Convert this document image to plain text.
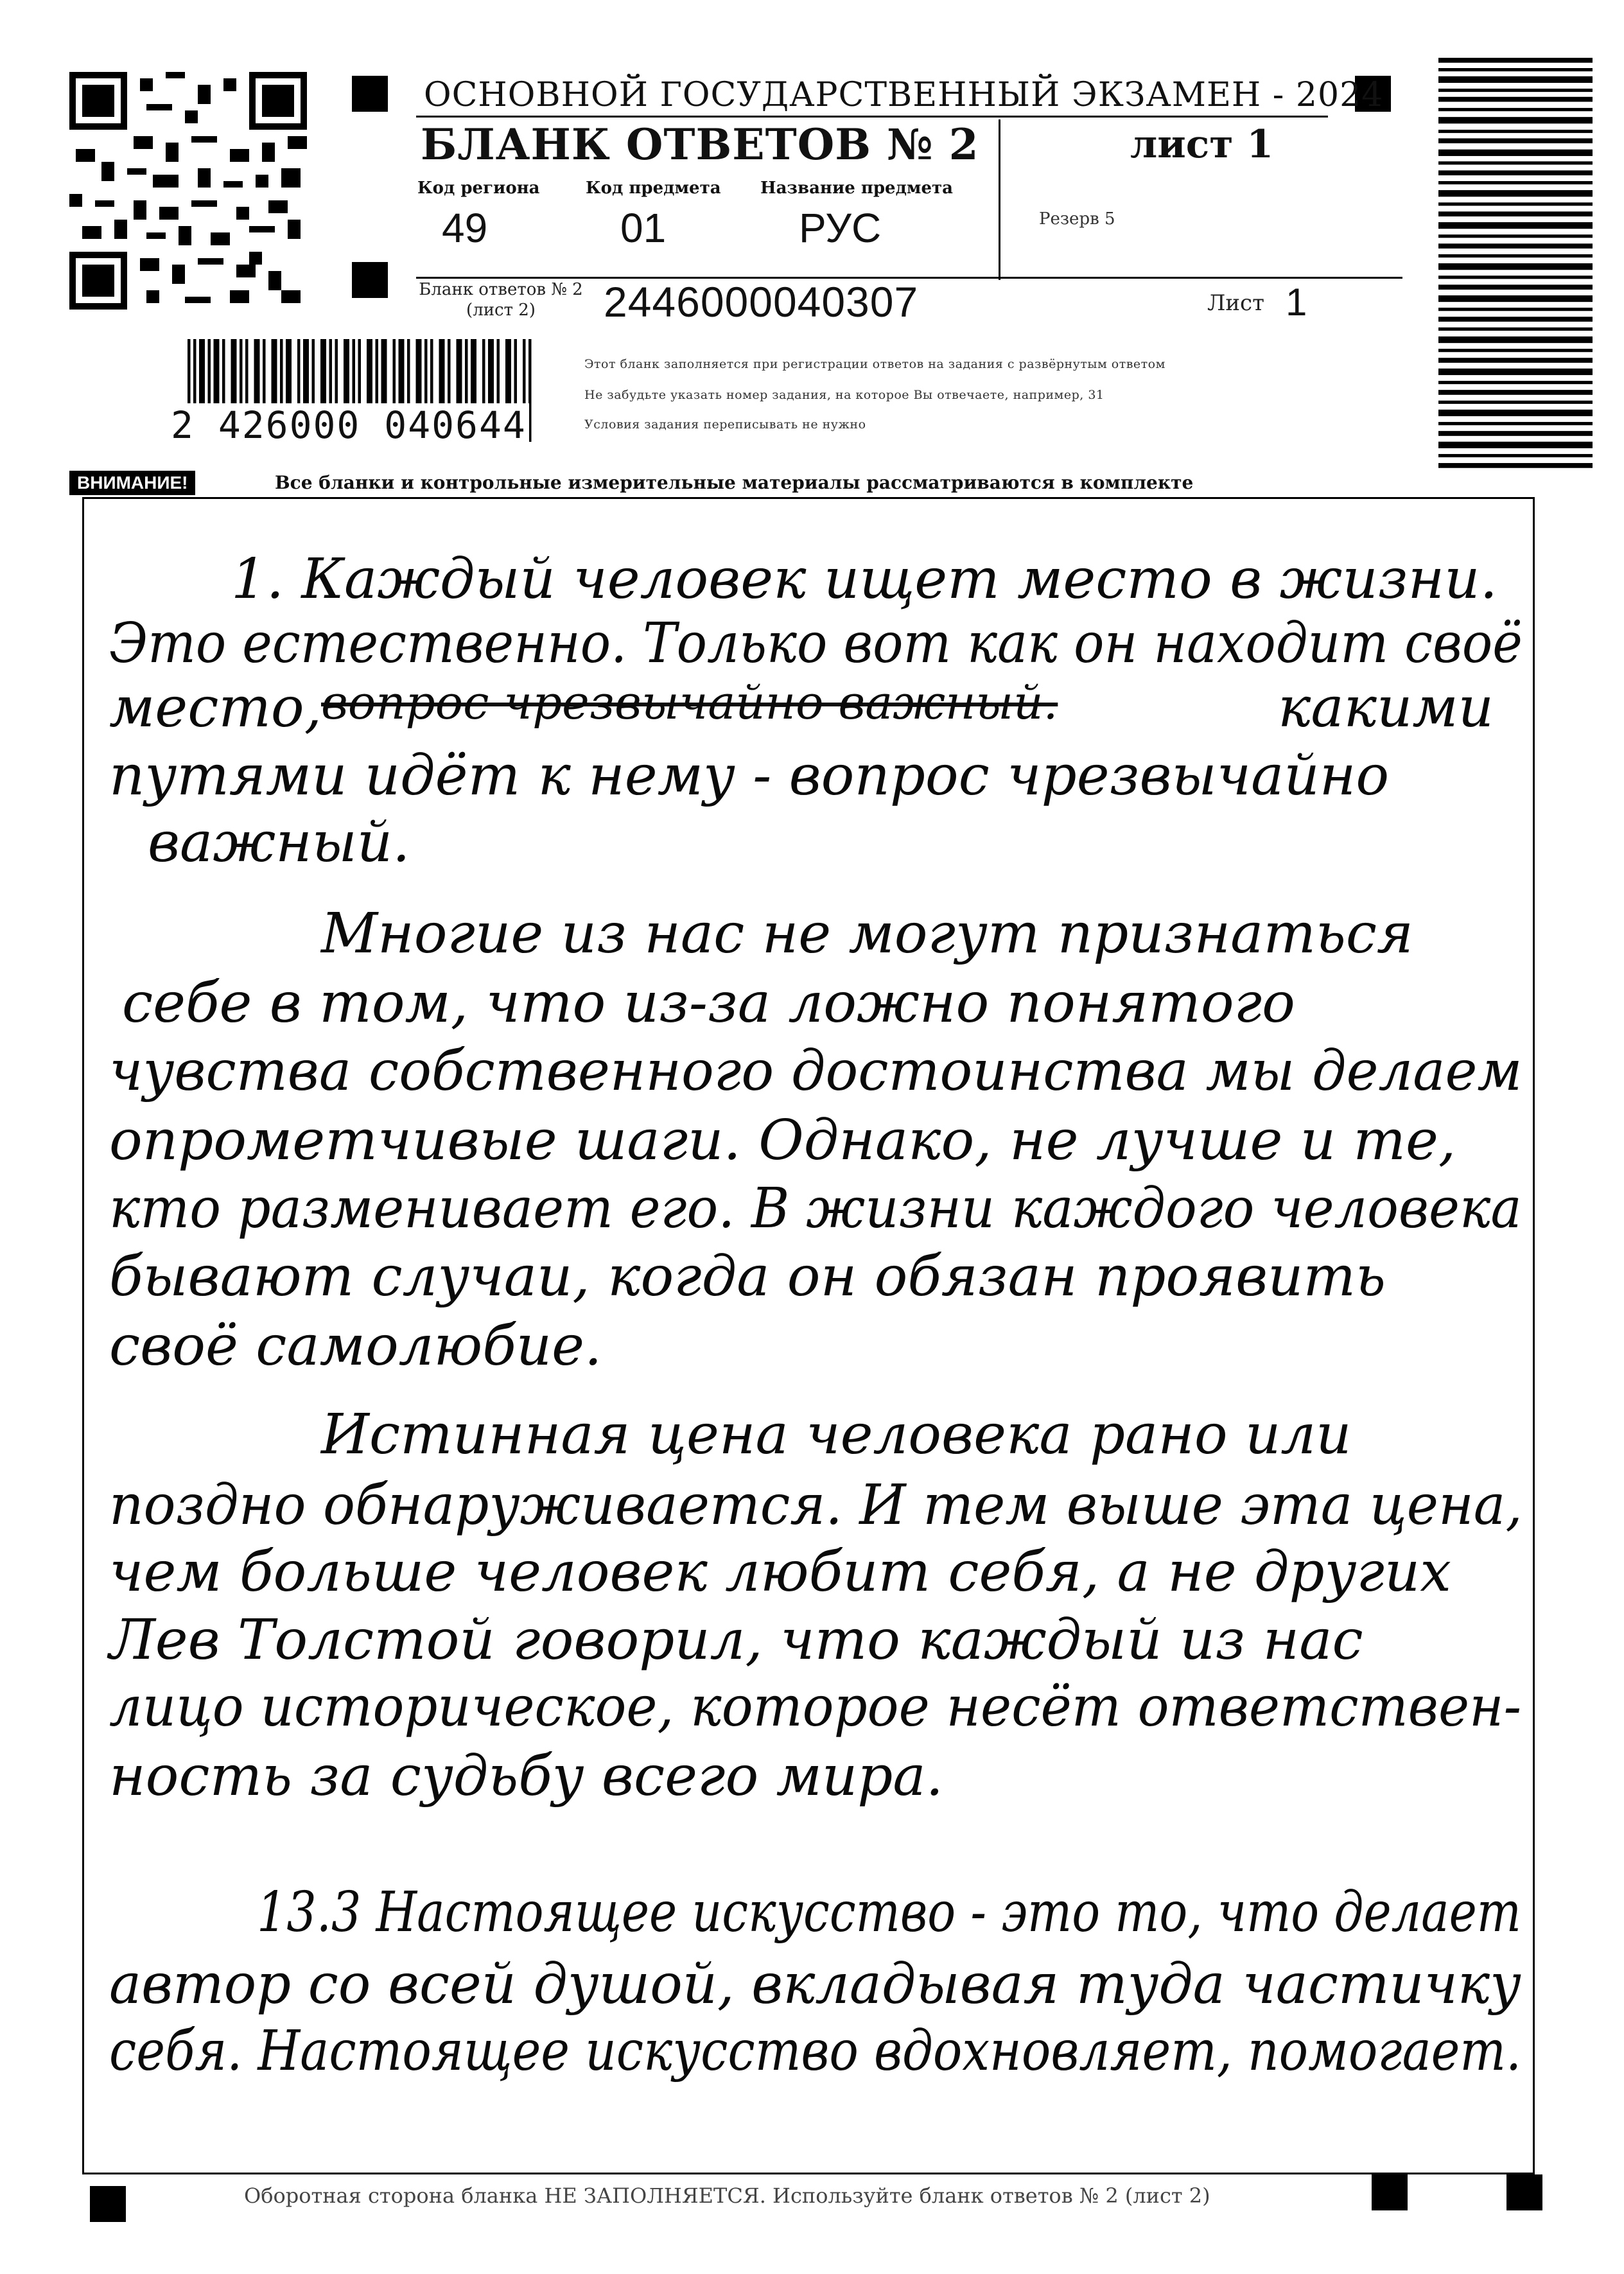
2 426000 040644
ОСНОВНОЙ ГОСУДАРСТВЕННЫЙ ЭКЗАМЕН - 2024
БЛАНК ОТВЕТОВ № 2	лист 1
Код региона
49
Код предмета
01
Название предмета
РУС	Резерв 5
Бланк ответов № 2 (лист 2)	2446000040307	Лист 1
Этот бланк заполняется при регистрации ответов на задания с развёрнутым ответом
Не забудьте указать номер задания, на которое Вы отвечаете, например, 31
Условия задания переписывать не нужно
ВНИМАНИЕ!	Все бланки и контрольные измерительные материалы рассматриваются в комплекте
1. Каждый человек ищет место в жизни.
Это естественно. Только вот как он находит своё
место,
вопрос чрезвычайно важный.	какими
путями идёт к нему - вопрос чрезвычайно
важный.
Многие из нас не могут признаться
себе в том, что из-за ложно понятого
чувства собственного достоинства мы делаем
опрометчивые шаги. Однако, не лучше и те,
кто разменивает его. В жизни каждого человека
бывают случаи, когда он обязан проявить
своё самолюбие.
Истинная цена человека рано или
поздно обнаруживается. И тем выше эта цена,
чем больше человек любит себя, а не других
Лев Толстой говорил, что каждый из нас
лицо историческое, которое несёт ответствен-
ность за судьбу всего мира.
13.3 Настоящее искусство - это то, что делает
автор со всей душой, вкладывая туда частичку
себя. Настоящее искусство вдохновляет, помогает.
Оборотная сторона бланка НЕ ЗАПОЛНЯЕТСЯ. Используйте бланк ответов № 2 (лист 2)
